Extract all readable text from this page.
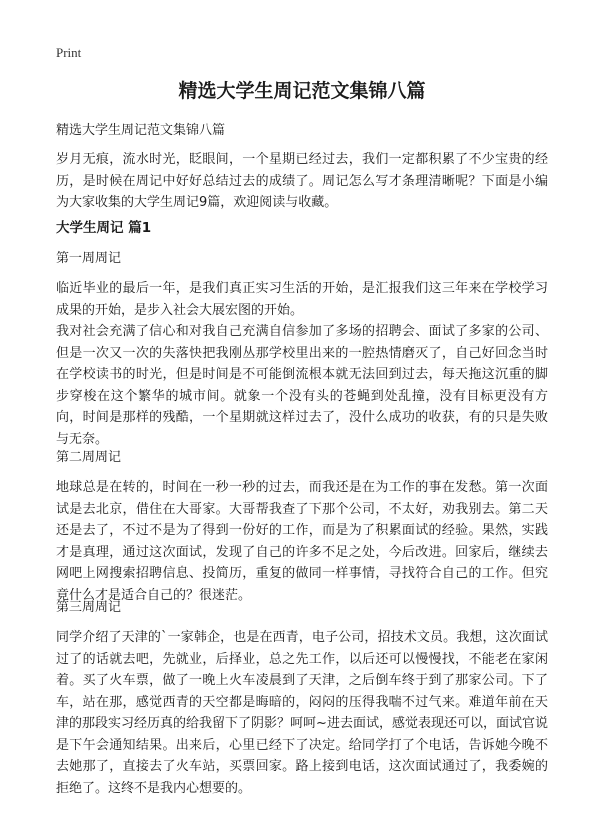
Print
精选大学生周记范文集锦八篇

精选大学生周记范文集锦八篇

岁月无痕，流水时光，眨眼间，一个星期已经过去，我们一定都积累了不少宝贵的经历，是时候在周记中好好总结过去的成绩了。周记怎么写才条理清晰呢？下面是小编为大家收集的大学生周记9篇，欢迎阅读与收藏。

大学生周记 篇1

第一周周记

临近毕业的最后一年，是我们真正实习生活的开始，是汇报我们这三年来在学校学习成果的开始，是步入社会大展宏图的开始。

我对社会充满了信心和对我自己充满自信参加了多场的招聘会、面试了多家的公司、但是一次又一次的失落快把我刚丛那学校里出来的一腔热情磨灭了，自己好回念当时在学校读书的时光，但是时间是不可能倒流根本就无法回到过去，每天拖这沉重的脚步穿梭在这个繁华的城市间。就象一个没有头的苍蝇到处乱撞，没有目标更没有方向，时间是那样的残酷，一个星期就这样过去了，没什么成功的收获，有的只是失败与无奈。

第二周周记

地球总是在转的，时间在一秒一秒的过去，而我还是在为工作的事在发愁。第一次面试是去北京，借住在大哥家。大哥帮我查了下那个公司，不太好，劝我别去。第二天还是去了，不过不是为了得到一份好的工作，而是为了积累面试的经验。果然，实践才是真理，通过这次面试，发现了自己的许多不足之处，今后改进。回家后，继续去网吧上网搜索招聘信息、投简历，重复的做同一样事情，寻找符合自己的工作。但究竟什么才是适合自己的？很迷茫。

第三周周记

同学介绍了天津的`一家韩企，也是在西青，电子公司，招技术文员。我想，这次面试过了的话就去吧，先就业，后择业，总之先工作，以后还可以慢慢找，不能老在家闲着。买了火车票，做了一晚上火车凌晨到了天津，之后倒车终于到了那家公司。下了车，站在那，感觉西青的天空都是晦暗的，闷闷的压得我喘不过气来。难道年前在天津的那段实习经历真的给我留下了阴影？呵呵~进去面试，感觉表现还可以，面试官说是下午会通知结果。出来后，心里已经下了决定。给同学打了个电话，告诉她今晚不去她那了，直接去了火车站，买票回家。路上接到电话，这次面试通过了，我委婉的拒绝了。这终不是我内心想要的。
